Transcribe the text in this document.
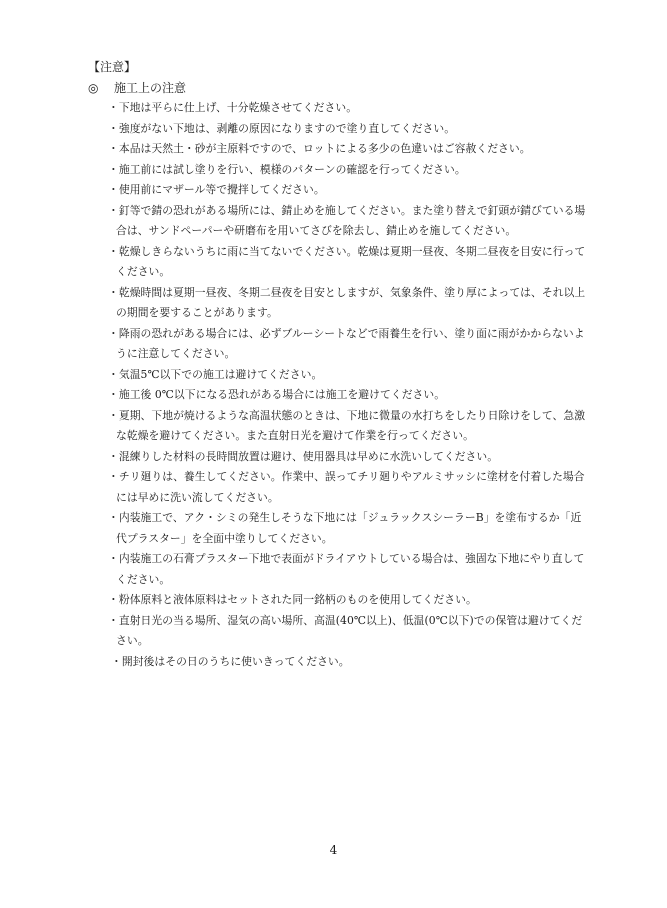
【注意】
◎ 施工上の注意
・下地は平らに仕上げ、十分乾燥させてください。
・強度がない下地は、剥離の原因になりますので塗り直してください。
・本品は天然土・砂が主原料ですので、ロットによる多少の色違いはご容赦ください。
・施工前には試し塗りを行い、模様のパターンの確認を行ってください。
・使用前にマザール等で攪拌してください。
・釘等で錆の恐れがある場所には、錆止めを施してください。また塗り替えで釘頭が錆びている場合は、サンドペーパーや研磨布を用いてさびを除去し、錆止めを施してください。
・乾燥しきらないうちに雨に当てないでください。乾燥は夏期一昼夜、冬期二昼夜を目安に行ってください。
・乾燥時間は夏期一昼夜、冬期二昼夜を目安としますが、気象条件、塗り厚によっては、それ以上の期間を要することがあります。
・降雨の恐れがある場合には、必ずブルーシートなどで雨養生を行い、塗り面に雨がかからないように注意してください。
・気温5℃以下での施工は避けてください。
・施工後 0℃以下になる恐れがある場合には施工を避けてください。
・夏期、下地が焼けるような高温状態のときは、下地に微量の水打ちをしたり日除けをして、急激な乾燥を避けてください。また直射日光を避けて作業を行ってください。
・混練りした材料の長時間放置は避け、使用器具は早めに水洗いしてください。
・チリ廻りは、養生してください。作業中、誤ってチリ廻りやアルミサッシに塗材を付着した場合には早めに洗い流してください。
・内装施工で、アク・シミの発生しそうな下地には「ジュラックスシーラーB」を塗布するか「近代プラスター」を全面中塗りしてください。
・内装施工の石膏プラスター下地で表面がドライアウトしている場合は、強固な下地にやり直してください。
・粉体原料と液体原料はセットされた同一銘柄のものを使用してください。
・直射日光の当る場所、湿気の高い場所、高温(40℃以上)、低温(0℃以下)での保管は避けてください。
・開封後はその日のうちに使いきってください。
4
